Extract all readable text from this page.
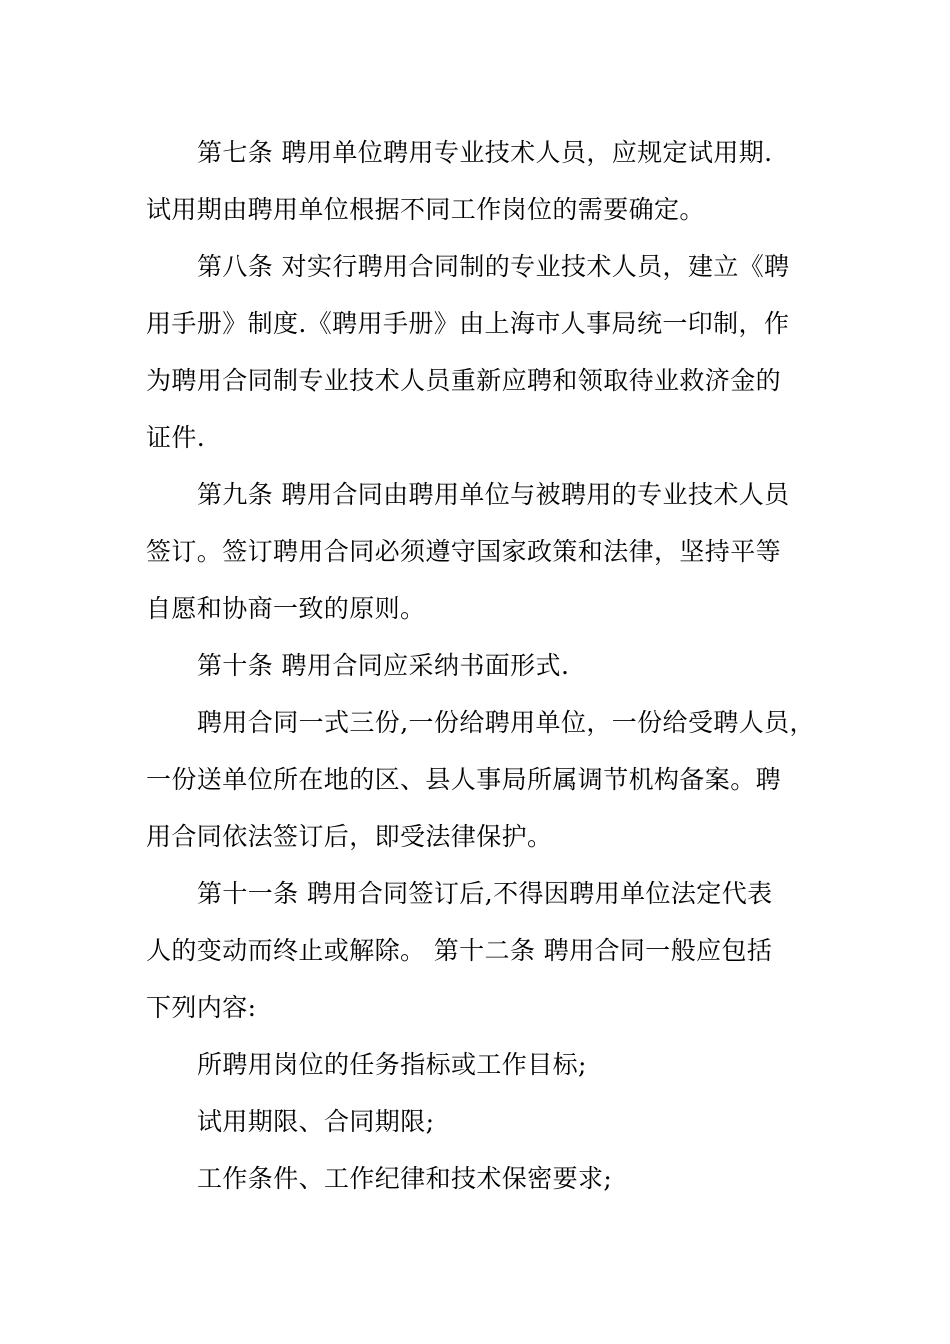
第七条 聘用单位聘用专业技术人员，应规定试用期.
试用期由聘用单位根据不同工作岗位的需要确定。
第八条 对实行聘用合同制的专业技术人员，建立《聘
用手册》制度.《聘用手册》由上海市人事局统一印制，作
为聘用合同制专业技术人员重新应聘和领取待业救济金的
证件.
第九条 聘用合同由聘用单位与被聘用的专业技术人员
签订。签订聘用合同必须遵守国家政策和法律，坚持平等
自愿和协商一致的原则。
第十条 聘用合同应采纳书面形式.
聘用合同一式三份,一份给聘用单位，一份给受聘人员，
一份送单位所在地的区、县人事局所属调节机构备案。聘
用合同依法签订后，即受法律保护。
第十一条 聘用合同签订后,不得因聘用单位法定代表
人的变动而终止或解除。 第十二条 聘用合同一般应包括
下列内容:
所聘用岗位的任务指标或工作目标;
试用期限、合同期限;
工作条件、工作纪律和技术保密要求;
